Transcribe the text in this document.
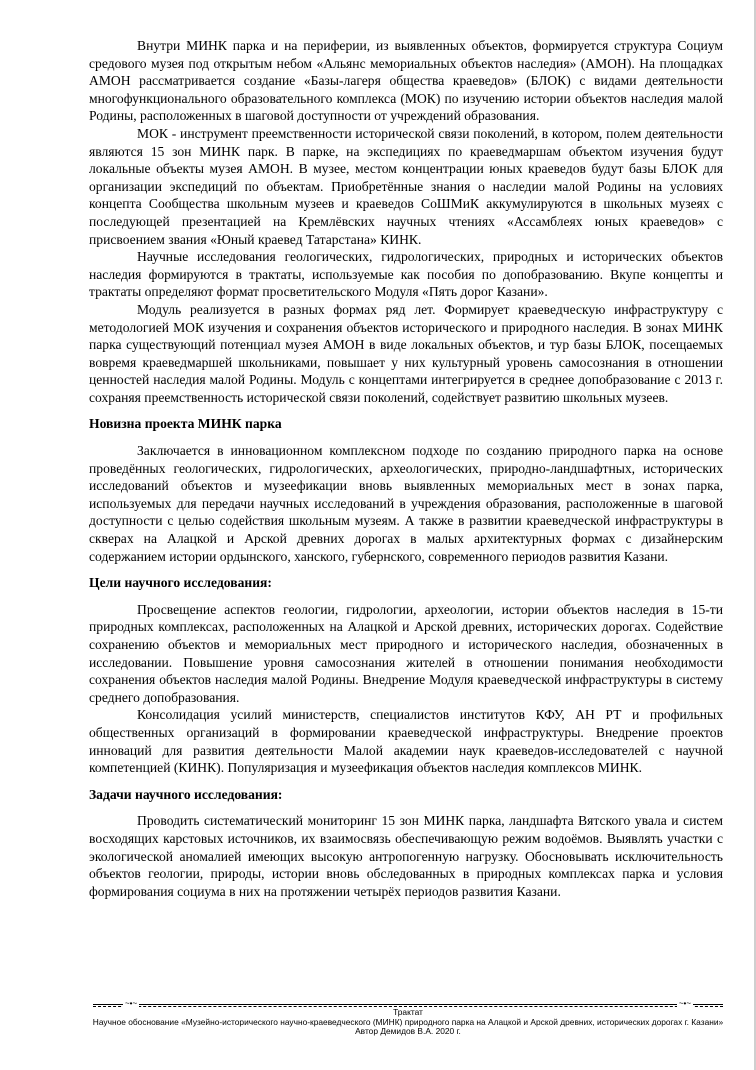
Внутри МИНК парка и на периферии, из выявленных объектов, формируется структура Социум средового музея под открытым небом «Альянс мемориальных объектов наследия» (АМОН). На площадках АМОН рассматривается создание «Базы-лагеря общества краеведов» (БЛОК) с видами деятельности многофункционального образовательного комплекса (МОК) по изучению истории объектов наследия малой Родины, расположенных в шаговой доступности от учреждений образования.

МОК - инструмент преемственности исторической связи поколений, в котором, полем деятельности являются 15 зон МИНК парк. В парке, на экспедициях по краеведмаршам объектом изучения будут локальные объекты музея АМОН. В музее, местом концентрации юных краеведов будут базы БЛОК для организации экспедиций по объектам. Приобретённые знания о наследии малой Родины на условиях концепта Сообщества школьным музеев и краеведов СоШМиК аккумулируются в школьных музеях с последующей презентацией на Кремлёвских научных чтениях «Ассамблеях юных краеведов» с присвоением звания «Юный краевед Татарстана» КИНК.

Научные исследования геологических, гидрологических, природных и исторических объектов наследия формируются в трактаты, используемые как пособия по допобразованию. Вкупе концепты и трактаты определяют формат просветительского Модуля «Пять дорог Казани».

Модуль реализуется в разных формах ряд лет. Формирует краеведческую инфраструктуру с методологией МОК изучения и сохранения объектов исторического и природного наследия. В зонах МИНК парка существующий потенциал музея АМОН в виде локальных объектов, и тур базы БЛОК, посещаемых вовремя краеведмаршей школьниками, повышает у них культурный уровень самосознания в отношении ценностей наследия малой Родины. Модуль с концептами интегрируется в среднее допобразование с 2013 г. сохраняя преемственность исторической связи поколений, содействует развитию школьных музеев.

Новизна проекта МИНК парка

Заключается в инновационном комплексном подходе по созданию природного парка на основе проведённых геологических, гидрологических, археологических, природно-ландшафтных, исторических исследований объектов и музеефикации вновь выявленных мемориальных мест в зонах парка, используемых для передачи научных исследований в учреждения образования, расположенные в шаговой доступности с целью содействия школьным музеям. А также в развитии краеведческой инфраструктуры в скверах на Алацкой и Арской древних дорогах в малых архитектурных формах с дизайнерским содержанием истории ордынского, ханского, губернского, современного периодов развития Казани.

Цели научного исследования:

Просвещение аспектов геологии, гидрологии, археологии, истории объектов наследия в 15-ти природных комплексах, расположенных на Алацкой и Арской древних, исторических дорогах. Содействие сохранению объектов и мемориальных мест природного и исторического наследия, обозначенных в исследовании. Повышение уровня самосознания жителей в отношении понимания необходимости сохранения объектов наследия малой Родины. Внедрение Модуля краеведческой инфраструктуры в систему среднего допобразования.

Консолидация усилий министерств, специалистов институтов КФУ, АН РТ и профильных общественных организаций в формировании краеведческой инфраструктуры. Внедрение проектов инноваций для развития деятельности Малой академии наук краеведов-исследователей с научной компетенцией (КИНК). Популяризация и музеефикация объектов наследия комплексов МИНК.

Задачи научного исследования:

Проводить систематический мониторинг 15 зон МИНК парка, ландшафта Вятского увала и систем восходящих карстовых источников, их взаимосвязь обеспечивающую режим водоёмов. Выявлять участки с экологической аномалией имеющих высокую антропогенную нагрузку. Обосновывать исключительность объектов геологии, природы, истории вновь обследованных в природных комплексах парка и условия формирования социума в них на протяжении четырёх периодов развития Казани.

~•~	~•~
Трактат
Научное обоснование «Музейно-исторического научно-краеведческого (МИНК) природного парка на Алацкой и Арской древних, исторических дорогах г. Казани»
Автор Демидов В.А. 2020 г.
